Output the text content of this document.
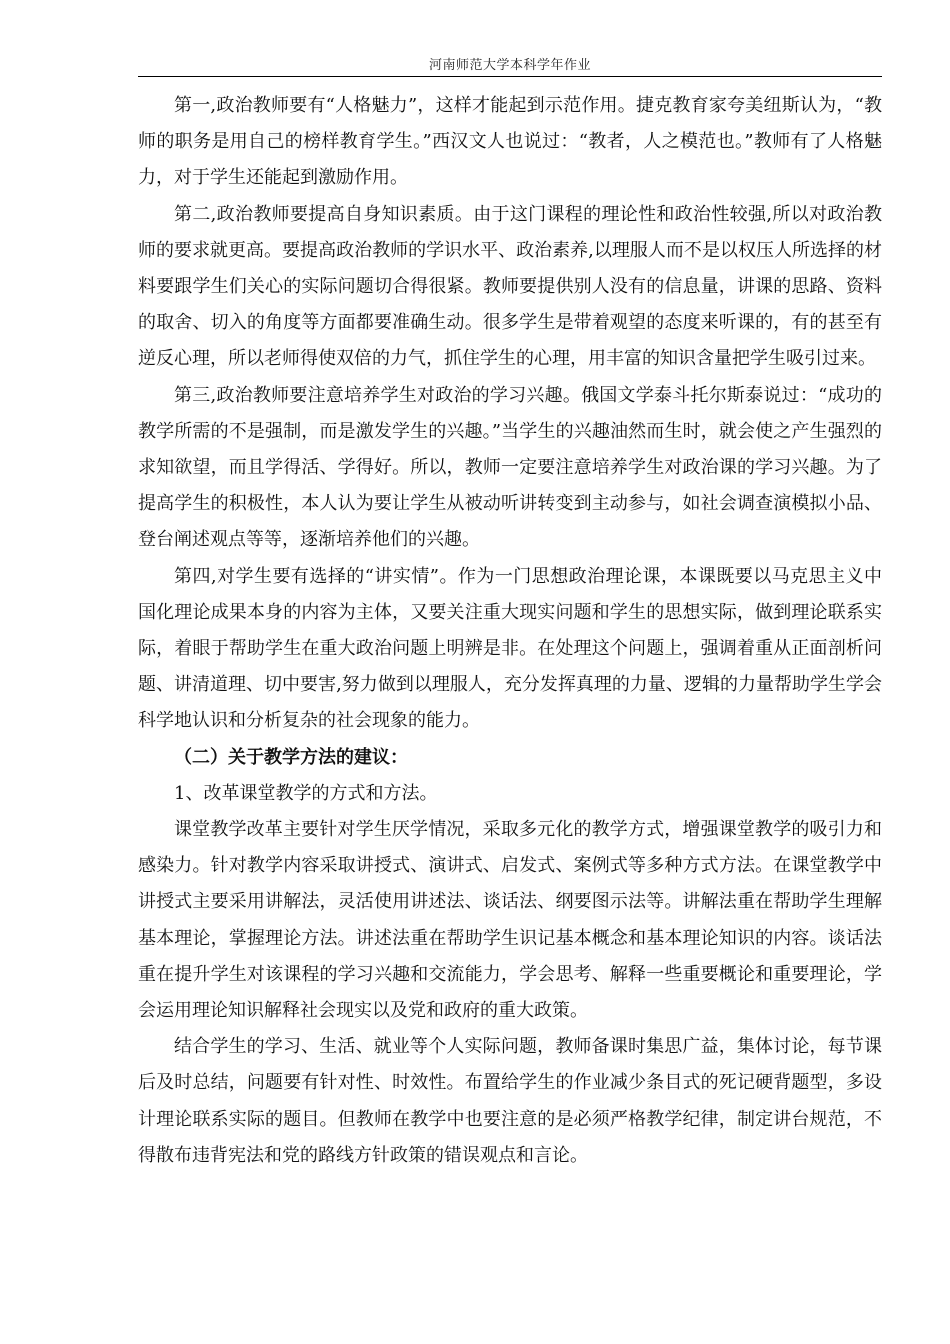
河南师范大学本科学年作业

第一,政治教师要有“人格魅力”，这样才能起到示范作用。捷克教育家夸美纽斯认为，“教师的职务是用自己的榜样教育学生。”西汉文人也说过：“教者，人之模范也。”教师有了人格魅力，对于学生还能起到激励作用。

第二,政治教师要提高自身知识素质。由于这门课程的理论性和政治性较强,所以对政治教师的要求就更高。要提高政治教师的学识水平、政治素养,以理服人而不是以权压人所选择的材料要跟学生们关心的实际问题切合得很紧。教师要提供别人没有的信息量，讲课的思路、资料的取舍、切入的角度等方面都要准确生动。很多学生是带着观望的态度来听课的，有的甚至有逆反心理，所以老师得使双倍的力气，抓住学生的心理，用丰富的知识含量把学生吸引过来。

第三,政治教师要注意培养学生对政治的学习兴趣。俄国文学泰斗托尔斯泰说过：“成功的教学所需的不是强制，而是激发学生的兴趣。”当学生的兴趣油然而生时，就会使之产生强烈的求知欲望，而且学得活、学得好。所以，教师一定要注意培养学生对政治课的学习兴趣。为了提高学生的积极性，本人认为要让学生从被动听讲转变到主动参与，如社会调查演模拟小品、登台阐述观点等等，逐渐培养他们的兴趣。

第四,对学生要有选择的“讲实情”。作为一门思想政治理论课，本课既要以马克思主义中国化理论成果本身的内容为主体，又要关注重大现实问题和学生的思想实际，做到理论联系实际，着眼于帮助学生在重大政治问题上明辨是非。在处理这个问题上，强调着重从正面剖析问题、讲清道理、切中要害,努力做到以理服人，充分发挥真理的力量、逻辑的力量帮助学生学会科学地认识和分析复杂的社会现象的能力。

（二）关于教学方法的建议：

1、改革课堂教学的方式和方法。

课堂教学改革主要针对学生厌学情况，采取多元化的教学方式，增强课堂教学的吸引力和感染力。针对教学内容采取讲授式、演讲式、启发式、案例式等多种方式方法。在课堂教学中讲授式主要采用讲解法，灵活使用讲述法、谈话法、纲要图示法等。讲解法重在帮助学生理解基本理论，掌握理论方法。讲述法重在帮助学生识记基本概念和基本理论知识的内容。谈话法重在提升学生对该课程的学习兴趣和交流能力，学会思考、解释一些重要概论和重要理论，学会运用理论知识解释社会现实以及党和政府的重大政策。

结合学生的学习、生活、就业等个人实际问题，教师备课时集思广益，集体讨论，每节课后及时总结，问题要有针对性、时效性。布置给学生的作业减少条目式的死记硬背题型，多设计理论联系实际的题目。但教师在教学中也要注意的是必须严格教学纪律，制定讲台规范，不得散布违背宪法和党的路线方针政策的错误观点和言论。
